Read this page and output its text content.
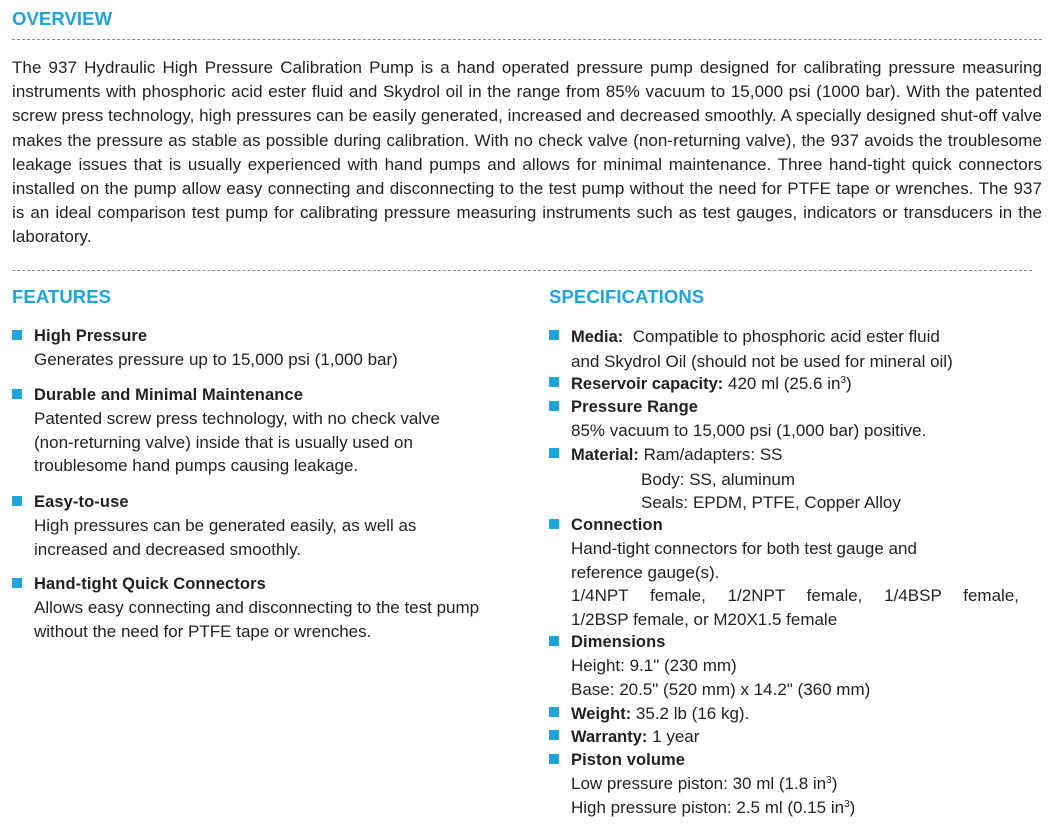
OVERVIEW

The 937 Hydraulic High Pressure Calibration Pump is a hand operated pressure pump designed for calibrating pressure measuring instruments with phosphoric acid ester fluid and Skydrol oil in the range from 85% vacuum to 15,000 psi (1000 bar). With the patented screw press technology, high pressures can be easily generated, increased and decreased smoothly. A specially designed shut-off valve makes the pressure as stable as possible during calibration. With no check valve (non-returning valve), the 937 avoids the troublesome leakage issues that is usually experienced with hand pumps and allows for minimal maintenance. Three hand-tight quick connectors installed on the pump allow easy connecting and disconnecting to the test pump without the need for PTFE tape or wrenches. The 937 is an ideal comparison test pump for calibrating pressure measuring instruments such as test gauges, indicators or transducers in the laboratory.

FEATURES
High Pressure
Generates pressure up to 15,000 psi (1,000 bar)
Durable and Minimal Maintenance
Patented screw press technology, with no check valve (non-returning valve) inside that is usually used on troublesome hand pumps causing leakage.
Easy-to-use
High pressures can be generated easily, as well as increased and decreased smoothly.
Hand-tight Quick Connectors
Allows easy connecting and disconnecting to the test pump without the need for PTFE tape or wrenches.
SPECIFICATIONS
Media: Compatible to phosphoric acid ester fluid
and Skydrol Oil (should not be used for mineral oil)
Reservoir capacity: 420 ml (25.6 $in^3$)
Pressure Range
85% vacuum to 15,000 psi (1,000 bar) positive.
Material: Ram/adapters: SS
Body: SS, aluminum
Seals: EPDM, PTFE, Copper Alloy
Connection
Hand-tight connectors for both test gauge and
reference gauge(s).
1/4NPT female, 1/2NPT female, 1/4BSP female,
1/2BSP female, or M20X1.5 female
Dimensions
Height: 9.1" (230 mm)
Base: 20.5" (520 mm) x 14.2" (360 mm)
Weight: 35.2 lb (16 kg).
Warranty: 1 year
Piston volume
Low pressure piston: 30 ml (1.8 $in^3$)
High pressure piston: 2.5 ml (0.15 $in^3$)
